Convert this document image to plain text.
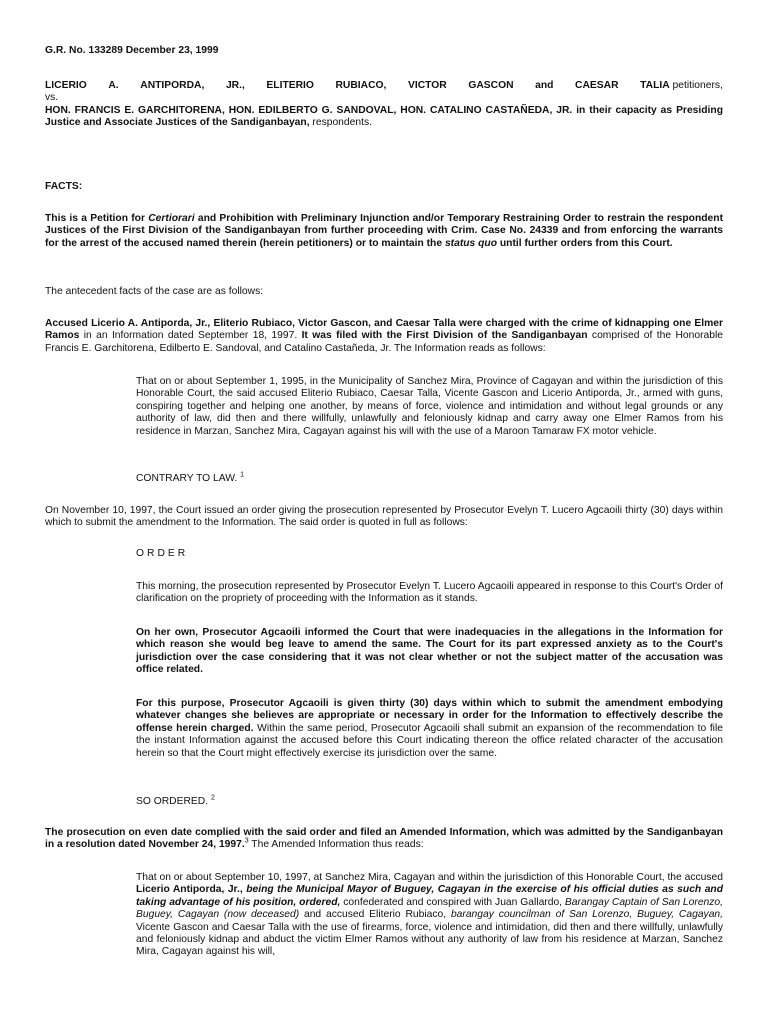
G.R. No. 133289 December 23, 1999

LICERIO A. ANTIPORDA, JR., ELITERIO RUBIACO, VICTOR GASCON and CAESAR TALIA petitioners,
vs.
HON. FRANCIS E. GARCHITORENA, HON. EDILBERTO G. SANDOVAL, HON. CATALINO CASTAÑEDA, JR. in their capacity as Presiding Justice and Associate Justices of the Sandiganbayan, respondents.

FACTS:

This is a Petition for Certiorari and Prohibition with Preliminary Injunction and/or Temporary Restraining Order to restrain the respondent Justices of the First Division of the Sandiganbayan from further proceeding with Crim. Case No. 24339 and from enforcing the warrants for the arrest of the accused named therein (herein petitioners) or to maintain the status quo until further orders from this Court.

The antecedent facts of the case are as follows:

Accused Licerio A. Antiporda, Jr., Eliterio Rubiaco, Victor Gascon, and Caesar Talla were charged with the crime of kidnapping one Elmer Ramos in an Information dated September 18, 1997. It was filed with the First Division of the Sandiganbayan comprised of the Honorable Francis E. Garchitorena, Edilberto E. Sandoval, and Catalino Castañeda, Jr. The Information reads as follows:

That on or about September 1, 1995, in the Municipality of Sanchez Mira, Province of Cagayan and within the jurisdiction of this Honorable Court, the said accused Eliterio Rubiaco, Caesar Talla, Vicente Gascon and Licerio Antiporda, Jr., armed with guns, conspiring together and helping one another, by means of force, violence and intimidation and without legal grounds or any authority of law, did then and there willfully, unlawfully and feloniously kidnap and carry away one Elmer Ramos from his residence in Marzan, Sanchez Mira, Cagayan against his will with the use of a Maroon Tamaraw FX motor vehicle.

CONTRARY TO LAW. $^1$

On November 10, 1997, the Court issued an order giving the prosecution represented by Prosecutor Evelyn T. Lucero Agcaoili thirty (30) days within which to submit the amendment to the Information. The said order is quoted in full as follows:

ORDER

This morning, the prosecution represented by Prosecutor Evelyn T. Lucero Agcaoili appeared in response to this Court's Order of clarification on the propriety of proceeding with the Information as it stands.

On her own, Prosecutor Agcaoili informed the Court that were inadequacies in the allegations in the Information for which reason she would beg leave to amend the same. The Court for its part expressed anxiety as to the Court's jurisdiction over the case considering that it was not clear whether or not the subject matter of the accusation was office related.

For this purpose, Prosecutor Agcaoili is given thirty (30) days within which to submit the amendment embodying whatever changes she believes are appropriate or necessary in order for the Information to effectively describe the offense herein charged. Within the same period, Prosecutor Agcaoili shall submit an expansion of the recommendation to file the instant Information against the accused before this Court indicating thereon the office related character of the accusation herein so that the Court might effectively exercise its jurisdiction over the same.

SO ORDERED. $^2$

The prosecution on even date complied with the said order and filed an Amended Information, which was admitted by the Sandiganbayan in a resolution dated November 24, 1997.$^3$ The Amended Information thus reads:

That on or about September 10, 1997, at Sanchez Mira, Cagayan and within the jurisdiction of this Honorable Court, the accused Licerio Antiporda, Jr., being the Municipal Mayor of Buguey, Cagayan in the exercise of his official duties as such and taking advantage of his position, ordered, confederated and conspired with Juan Gallardo, Barangay Captain of San Lorenzo, Buguey, Cagayan (now deceased) and accused Eliterio Rubiaco, barangay councilman of San Lorenzo, Buguey, Cagayan, Vicente Gascon and Caesar Talla with the use of firearms, force, violence and intimidation, did then and there willfully, unlawfully and feloniously kidnap and abduct the victim Elmer Ramos without any authority of law from his residence at Marzan, Sanchez Mira, Cagayan against his will,
